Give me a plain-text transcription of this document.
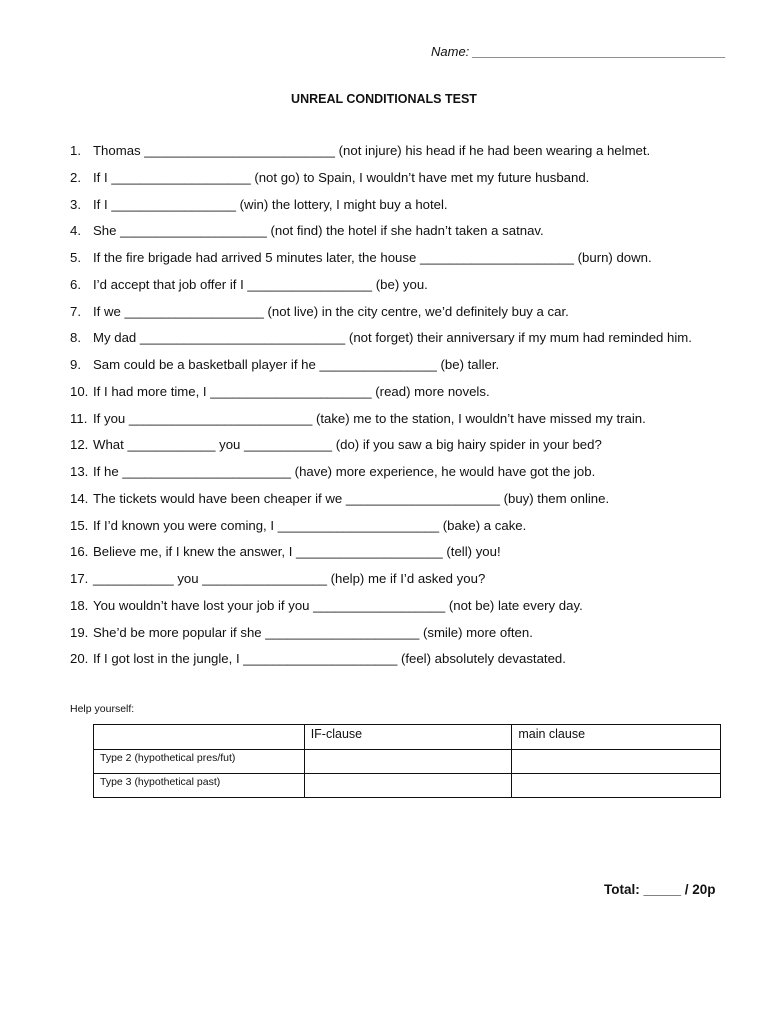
Name: ___________________________________
UNREAL CONDITIONALS TEST
1. Thomas __________________________ (not injure) his head if he had been wearing a helmet.
2. If I ___________________ (not go) to Spain, I wouldn’t have met my future husband.
3. If I _________________ (win) the lottery, I might buy a hotel.
4. She ____________________ (not find) the hotel if she hadn’t taken a satnav.
5. If the fire brigade had arrived 5 minutes later, the house _____________________ (burn) down.
6. I’d accept that job offer if I _________________ (be) you.
7. If we ___________________ (not live) in the city centre, we’d definitely buy a car.
8. My dad ____________________________ (not forget) their anniversary if my mum had reminded him.
9. Sam could be a basketball player if he ________________ (be) taller.
10. If I had more time, I ______________________ (read) more novels.
11. If you _________________________ (take) me to the station, I wouldn’t have missed my train.
12. What ____________ you ____________ (do) if you saw a big hairy spider in your bed?
13. If he _______________________ (have) more experience, he would have got the job.
14. The tickets would have been cheaper if we _____________________ (buy) them online.
15. If I’d known you were coming, I ______________________ (bake) a cake.
16. Believe me, if I knew the answer, I ____________________ (tell) you!
17. ___________ you _________________ (help) me if I’d asked you?
18. You wouldn’t have lost your job if you __________________ (not be) late every day.
19. She’d be more popular if she _____________________ (smile) more often.
20. If I got lost in the jungle, I _____________________ (feel) absolutely devastated.
Help yourself:
	IF-clause	main clause
Type 2 (hypothetical pres/fut)		
Type 3 (hypothetical past)		
Total: _____ / 20p
